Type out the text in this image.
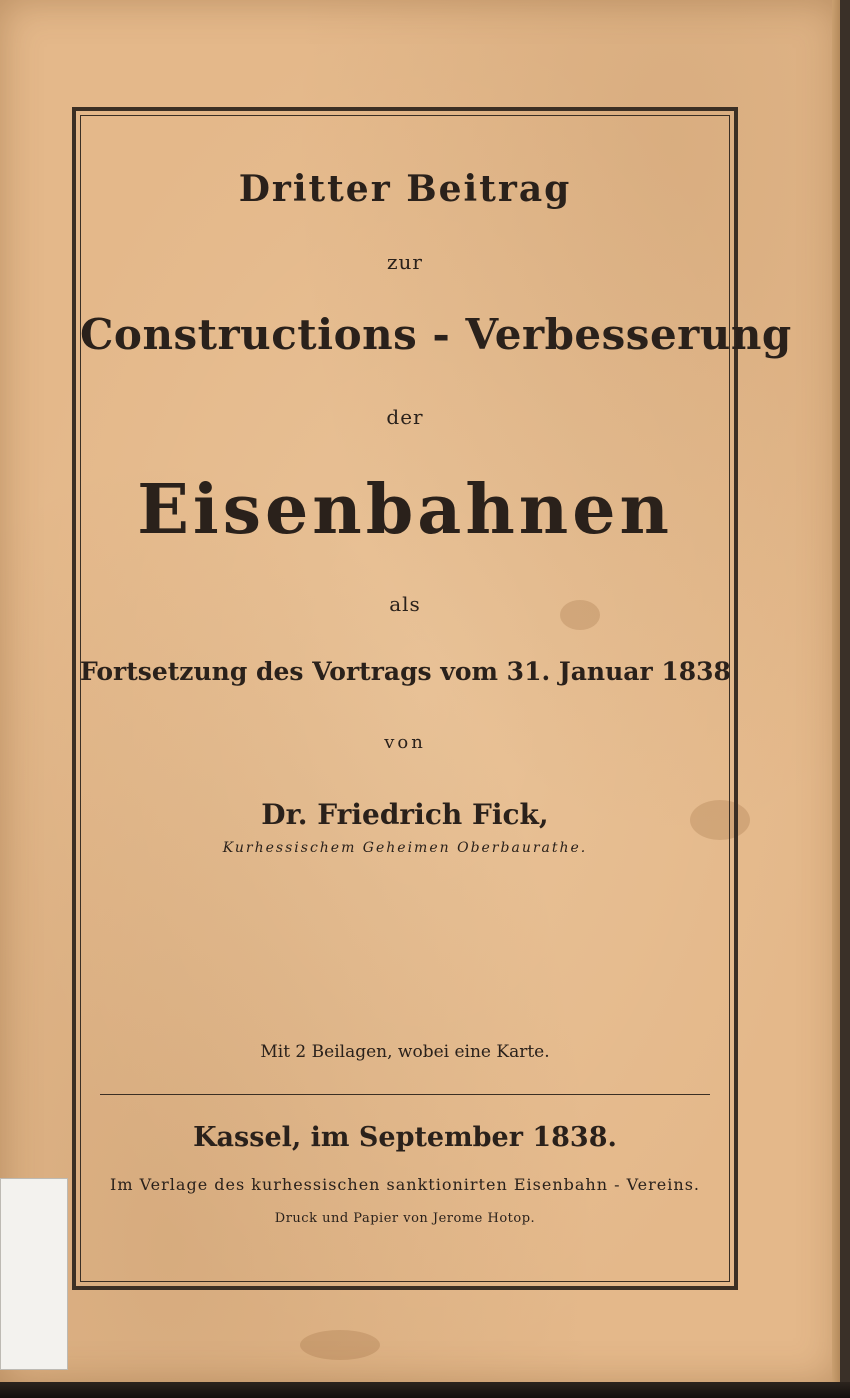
Dritter Beitrag
zur
Constructions - Verbesserung
der
Eisenbahnen
als
Fortsetzung des Vortrags vom 31. Januar 1838
von
Dr. Friedrich Fick,
Kurhessischem Geheimen Oberbaurathe.
Mit 2 Beilagen, wobei eine Karte.
Kassel, im September 1838.
Im Verlage des kurhessischen sanktionirten Eisenbahn - Vereins.
Druck und Papier von Jerome Hotop.
